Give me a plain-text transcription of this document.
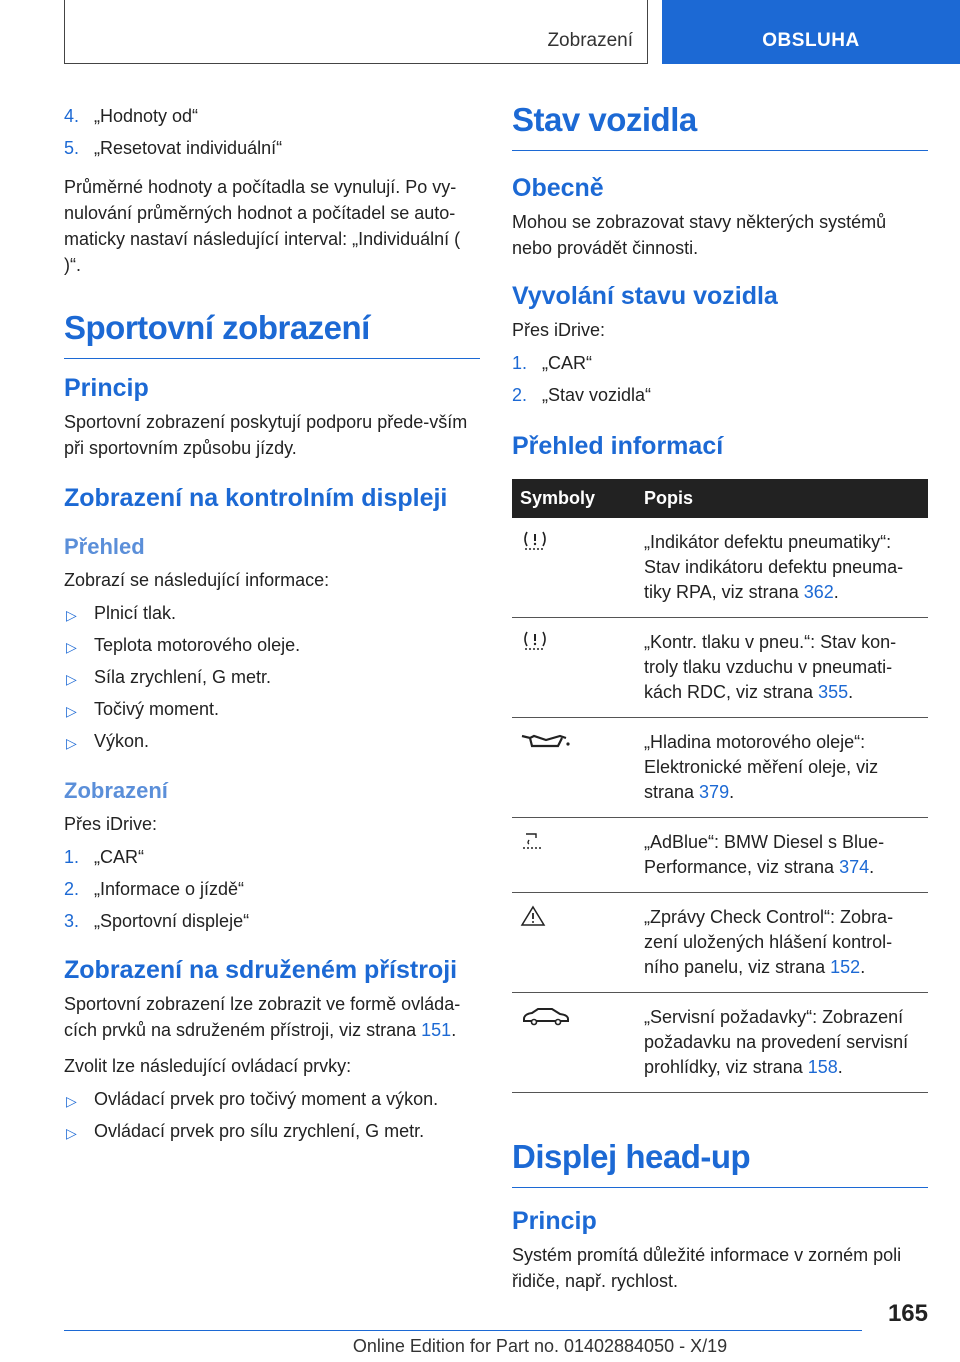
Zobrazení	OBSLUHA
4. „Hodnoty od“
5. „Resetovat individuální“

Průměrné hodnoty a počítadla se vynulují. Po vy-nulování průměrných hodnot a počítadel se auto-maticky nastaví následující interval: „Individuální ( )“.

Sportovní zobrazení
Princip

Sportovní zobrazení poskytují podporu přede-vším při sportovním způsobu jízdy.

Zobrazení na kontrolním displeji
Přehled

Zobrazí se následující informace:

▷ Plnicí tlak.
▷ Teplota motorového oleje.
▷ Síla zrychlení, G metr.
▷ Točivý moment.
▷ Výkon.
Zobrazení

Přes iDrive:

1. „CAR“
2. „Informace o jízdě“
3. „Sportovní displeje“
Zobrazení na sdruženém přístroji

Sportovní zobrazení lze zobrazit ve formě ovláda-cích prvků na sdruženém přístroji, viz strana 151.

Zvolit lze následující ovládací prvky:

▷ Ovládací prvek pro točivý moment a výkon.
▷ Ovládací prvek pro sílu zrychlení, G metr.
Stav vozidla
Obecně

Mohou se zobrazovat stavy některých systémů nebo provádět činnosti.

Vyvolání stavu vozidla

Přes iDrive:

1. „CAR“
2. „Stav vozidla“
Přehled informací
Symboly	Popis
	„Indikátor defektu pneumatiky“: Stav indikátoru defektu pneuma-tiky RPA, viz strana 362.
	„Kontr. tlaku v pneu.“: Stav kon-troly tlaku vzduchu v pneumati-kách RDC, viz strana 355.
	„Hladina motorového oleje“: Elektronické měření oleje, viz strana 379.
	„AdBlue“: BMW Diesel s Blue-Performance, viz strana 374.
	„Zprávy Check Control“: Zobra-zení uložených hlášení kontrol-ního panelu, viz strana 152.
	„Servisní požadavky“: Zobrazení požadavku na provedení servisní prohlídky, viz strana 158.
Displej head-up
Princip

Systém promítá důležité informace v zorném poli řidiče, např. rychlost.

165
Online Edition for Part no. 01402884050 - X/19
